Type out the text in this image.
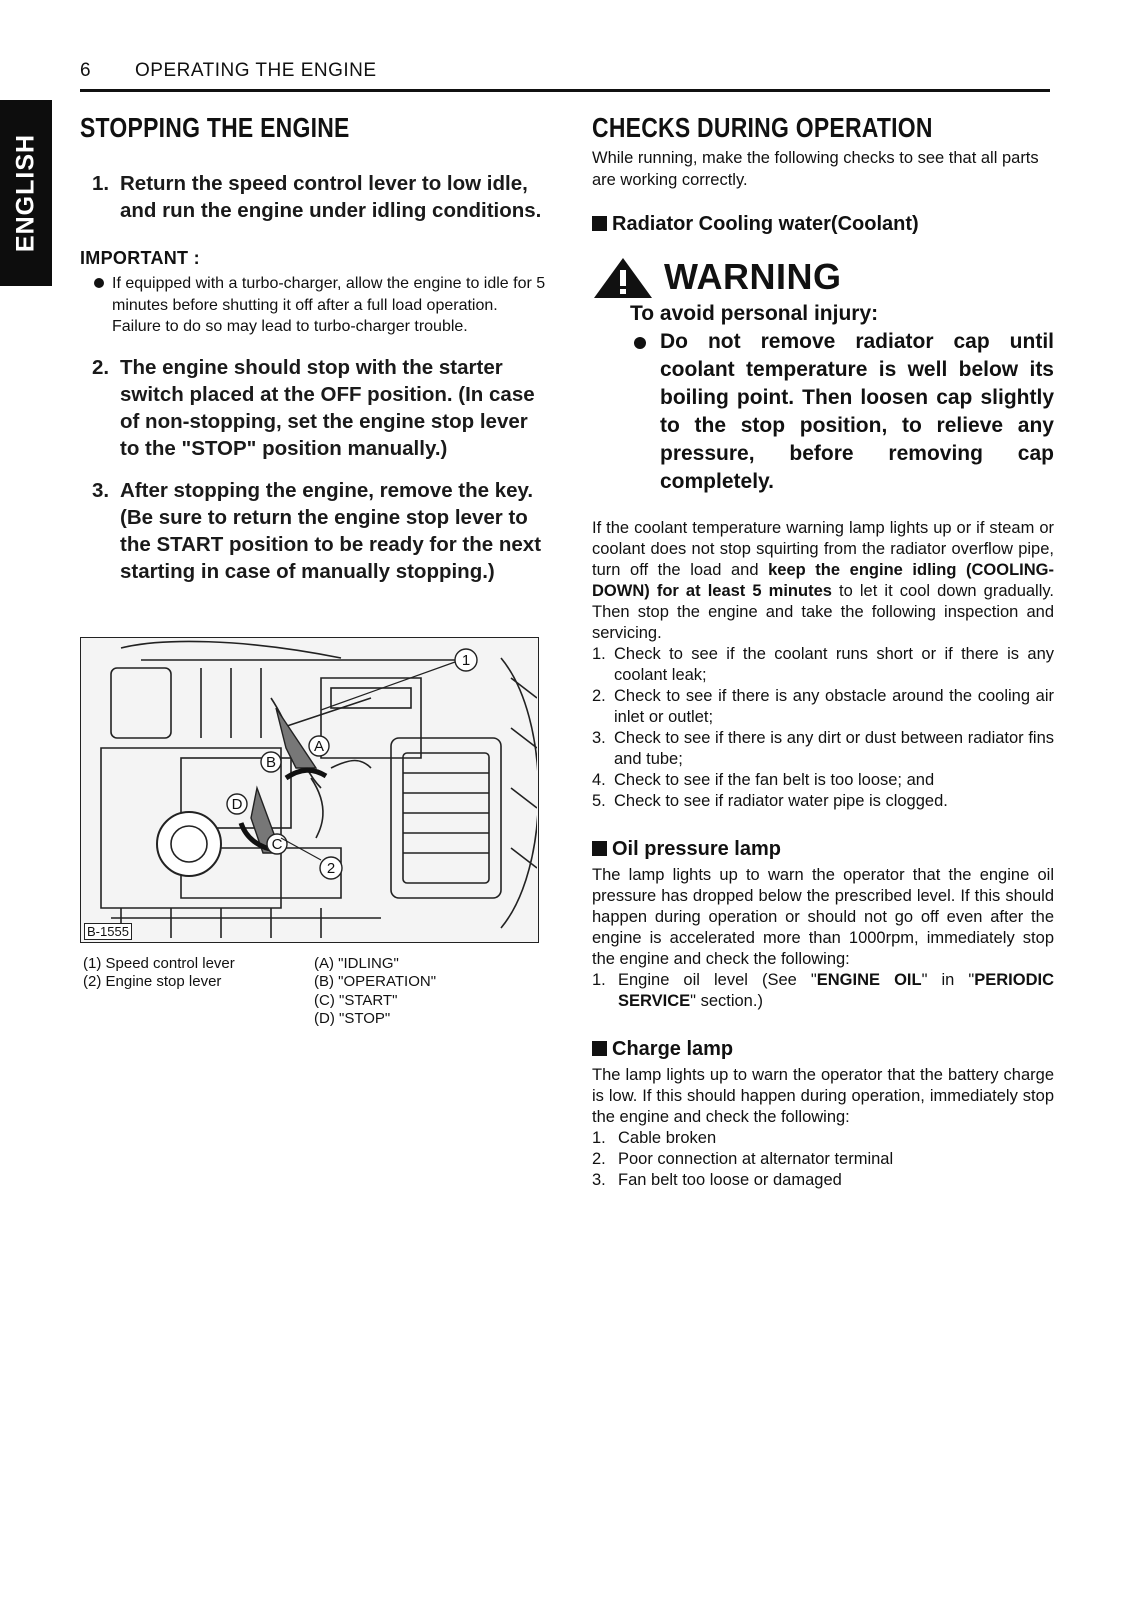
ENGLISH
6 OPERATING THE ENGINE
STOPPING THE ENGINE
1. Return the speed control lever to low idle, and run the engine under idling conditions.
IMPORTANT :
If equipped with a turbo-charger, allow the engine to idle for 5 minutes before shutting it off after a full load operation.
Failure to do so may lead to turbo-charger trouble.
2. The engine should stop with the starter switch placed at the OFF position. (In case of non-stopping, set the engine stop lever to the "STOP" position manually.)
3. After stopping the engine, remove the key.(Be sure to return the engine stop lever to the START position to be ready for the next starting in case of manually stopping.)
1
2
A
B
C
D
B-1555
(1) Speed control lever
(2) Engine stop lever
(A) "IDLING"
(B) "OPERATION"
(C) "START"
(D) "STOP"
CHECKS DURING OPERATION
While running, make the following checks to see that all parts are working correctly.
Radiator Cooling water(Coolant)
WARNING
To avoid personal injury:
Do not remove radiator cap until coolant temperature is well below its boiling point. Then loosen cap slightly to the stop position, to relieve any pressure, before removing cap completely.
If the coolant temperature warning lamp lights up or if steam or coolant does not stop squirting from the radiator overflow pipe, turn off the load and keep the engine idling (COOLING-DOWN) for at least 5 minutes to let it cool down gradually. Then stop the engine and take the following inspection and servicing.
1. Check to see if the coolant runs short or if there is any coolant leak;
2. Check to see if there is any obstacle around the cooling air inlet or outlet;
3. Check to see if there is any dirt or dust between radiator fins and tube;
4. Check to see if the fan belt is too loose; and
5. Check to see if radiator water pipe is clogged.
Oil pressure lamp
The lamp lights up to warn the operator that the engine oil pressure has dropped below the prescribed level. If this should happen during operation or should not go off even after the engine is accelerated more than 1000rpm, immediately stop the engine and check the following:
1. Engine oil level (See "ENGINE OIL" in "PERIODIC SERVICE" section.)
Charge lamp
The lamp lights up to warn the operator that the battery charge is low. If this should happen during operation, immediately stop the engine and check the following:
1. Cable broken
2. Poor connection at alternator terminal
3. Fan belt too loose or damaged
